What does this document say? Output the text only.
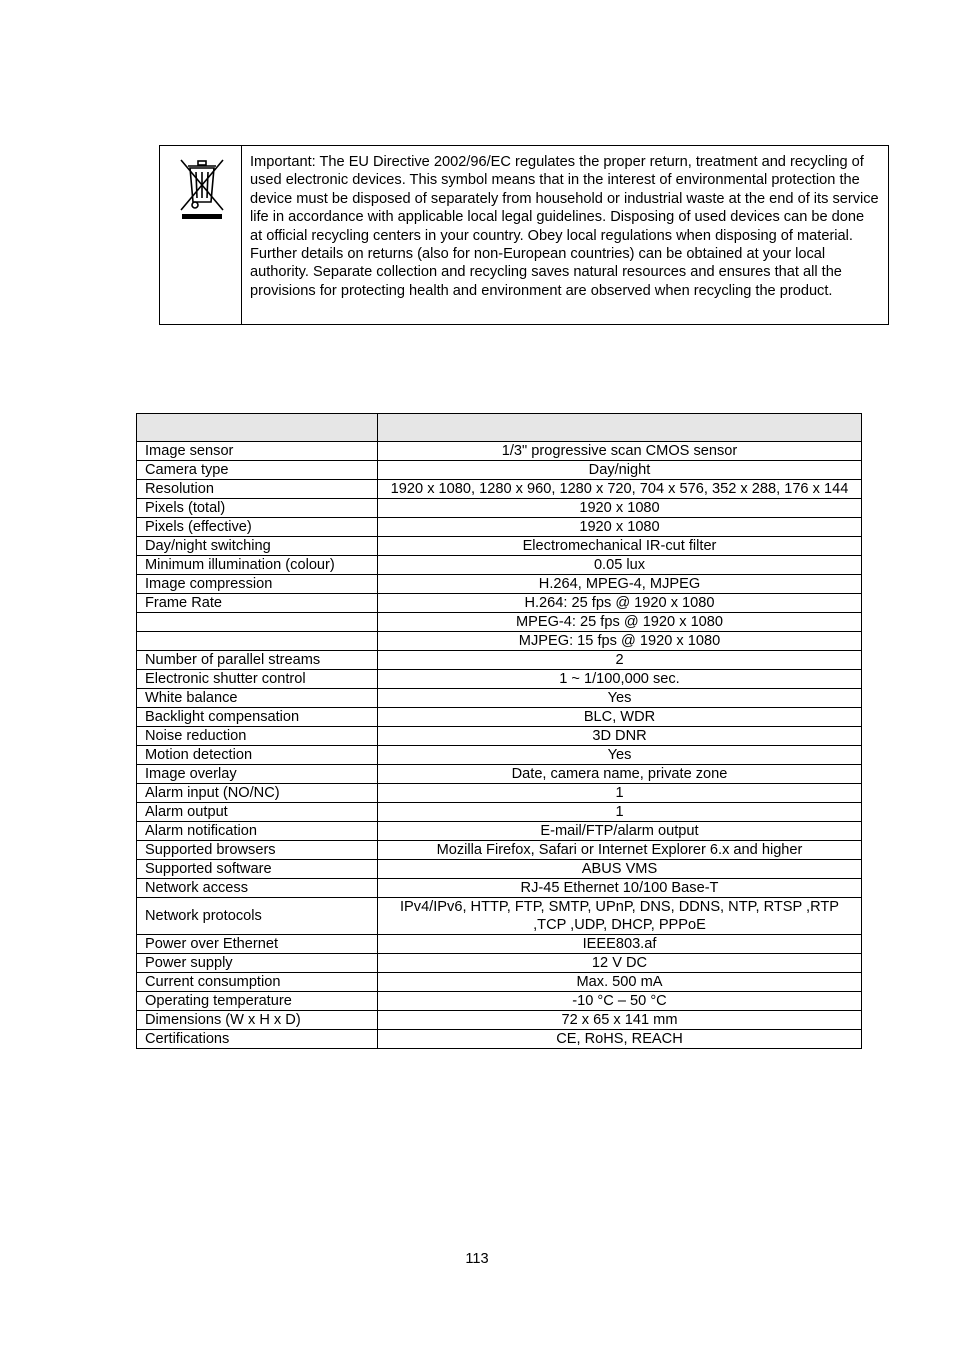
Important: The EU Directive 2002/96/EC regulates the proper return, treatment and recycling of used electronic devices. This symbol means that in the interest of environmental protection the device must be disposed of separately from household or industrial waste at the end of its service life in accordance with applicable local legal guidelines. Disposing of used devices can be done at official recycling centers in your country. Obey local regulations when disposing of material. Further details on returns (also for non-European countries) can be obtained at your local authority. Separate collection and recycling saves natural resources and ensures that all the provisions for protecting health and environment are observed when recycling the product.

Image sensor	1/3" progressive scan CMOS sensor
Camera type	Day/night
Resolution	1920 x 1080, 1280 x 960, 1280 x 720, 704 x 576, 352 x 288, 176 x 144
Pixels (total)	1920 x 1080
Pixels (effective)	1920 x 1080
Day/night switching	Electromechanical IR-cut filter
Minimum illumination (colour)	0.05 lux
Image compression	H.264, MPEG-4, MJPEG
Frame Rate	H.264: 25 fps @ 1920 x 1080
	MPEG-4: 25 fps @ 1920 x 1080
	MJPEG: 15 fps @ 1920 x 1080
Number of parallel streams	2
Electronic shutter control	1 ~ 1/100,000 sec.
White balance	Yes
Backlight compensation	BLC, WDR
Noise reduction	3D DNR
Motion detection	Yes
Image overlay	Date, camera name, private zone
Alarm input (NO/NC)	1
Alarm output	1
Alarm notification	E-mail/FTP/alarm output
Supported browsers	Mozilla Firefox, Safari or Internet Explorer 6.x and higher
Supported software	ABUS VMS
Network access	RJ-45 Ethernet 10/100 Base-T
Network protocols	IPv4/IPv6, HTTP, FTP, SMTP, UPnP, DNS, DDNS, NTP, RTSP ,RTP ,TCP ,UDP, DHCP, PPPoE
Power over Ethernet	IEEE803.af
Power supply	12 V DC
Current consumption	Max. 500 mA
Operating temperature	-10 °C – 50 °C
Dimensions (W x H x D)	72 x 65 x 141 mm
Certifications	CE, RoHS, REACH
113
